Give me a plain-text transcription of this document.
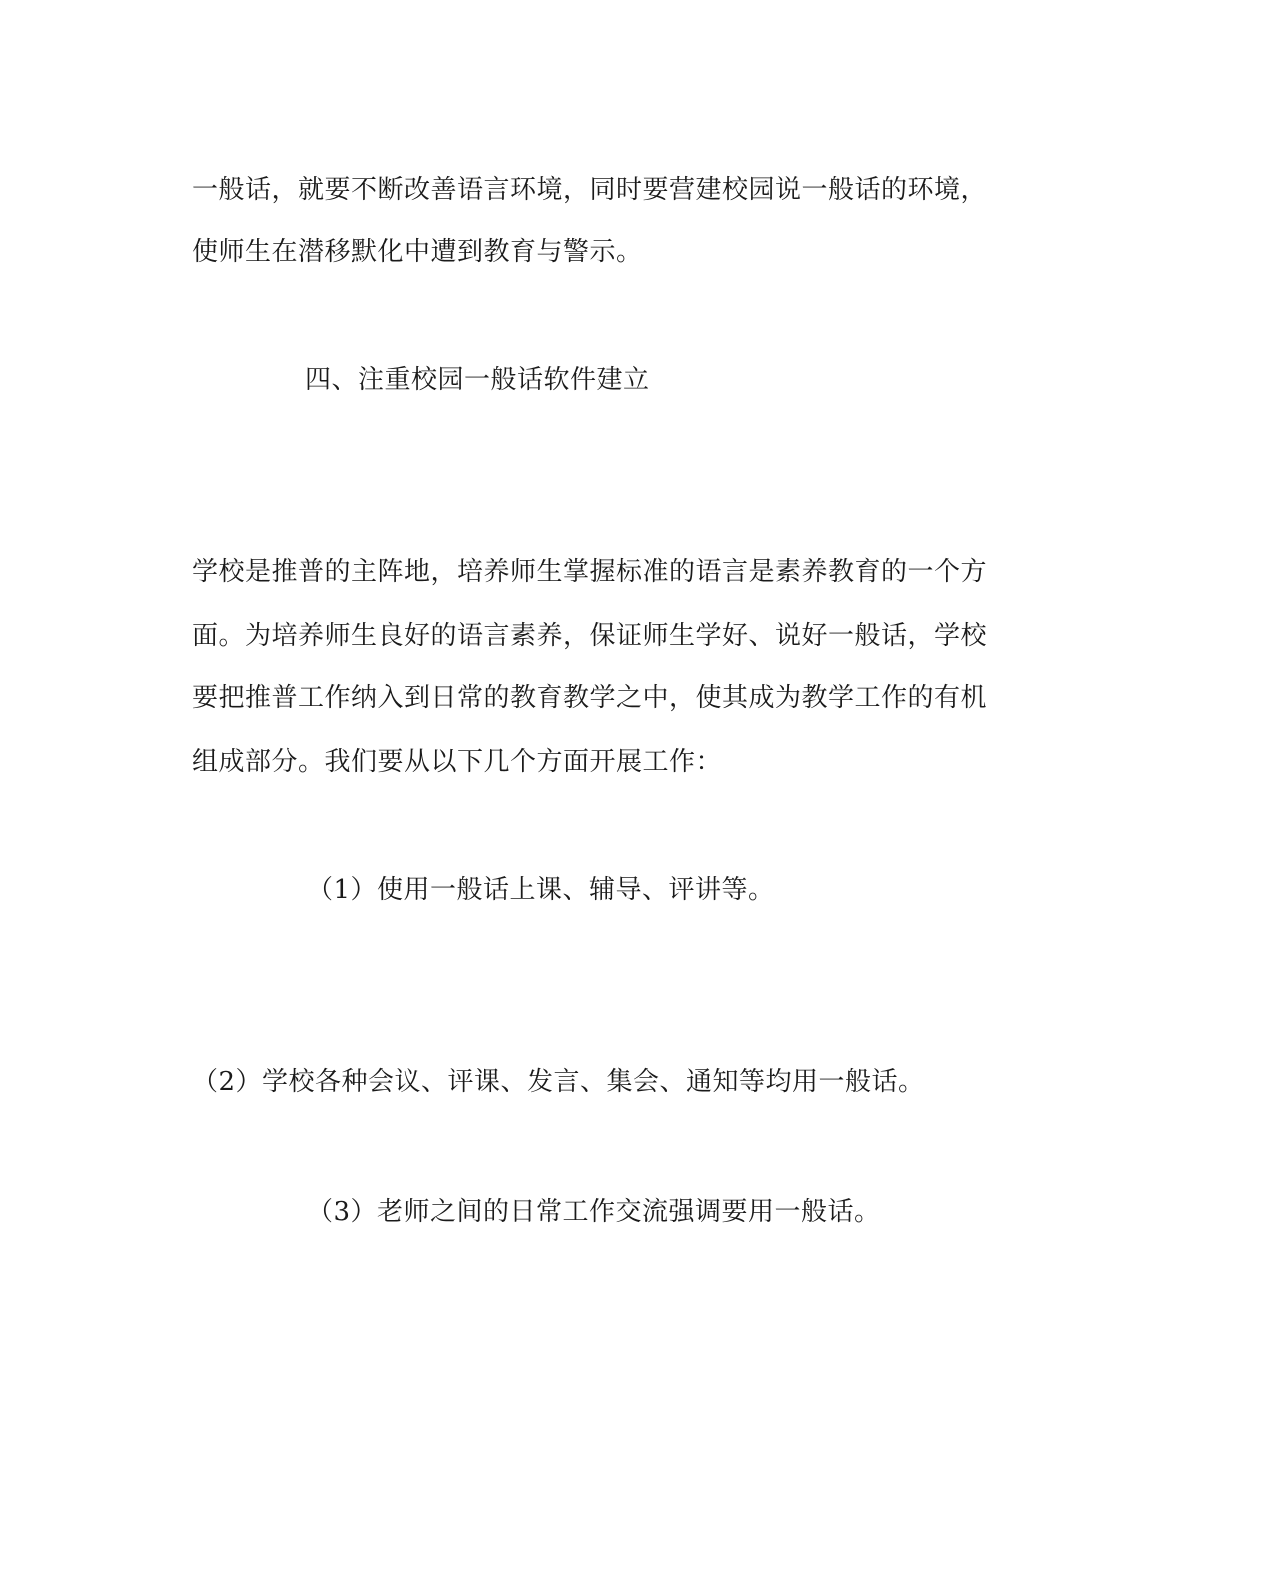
一般话，就要不断改善语言环境，同时要营建校园说一般话的环境，
使师生在潜移默化中遭到教育与警示。
四、注重校园一般话软件建立
学校是推普的主阵地，培养师生掌握标准的语言是素养教育的一个方
面。为培养师生良好的语言素养，保证师生学好、说好一般话，学校
要把推普工作纳入到日常的教育教学之中，使其成为教学工作的有机
组成部分。我们要从以下几个方面开展工作：
（1）使用一般话上课、辅导、评讲等。
（2）学校各种会议、评课、发言、集会、通知等均用一般话。
（3）老师之间的日常工作交流强调要用一般话。
